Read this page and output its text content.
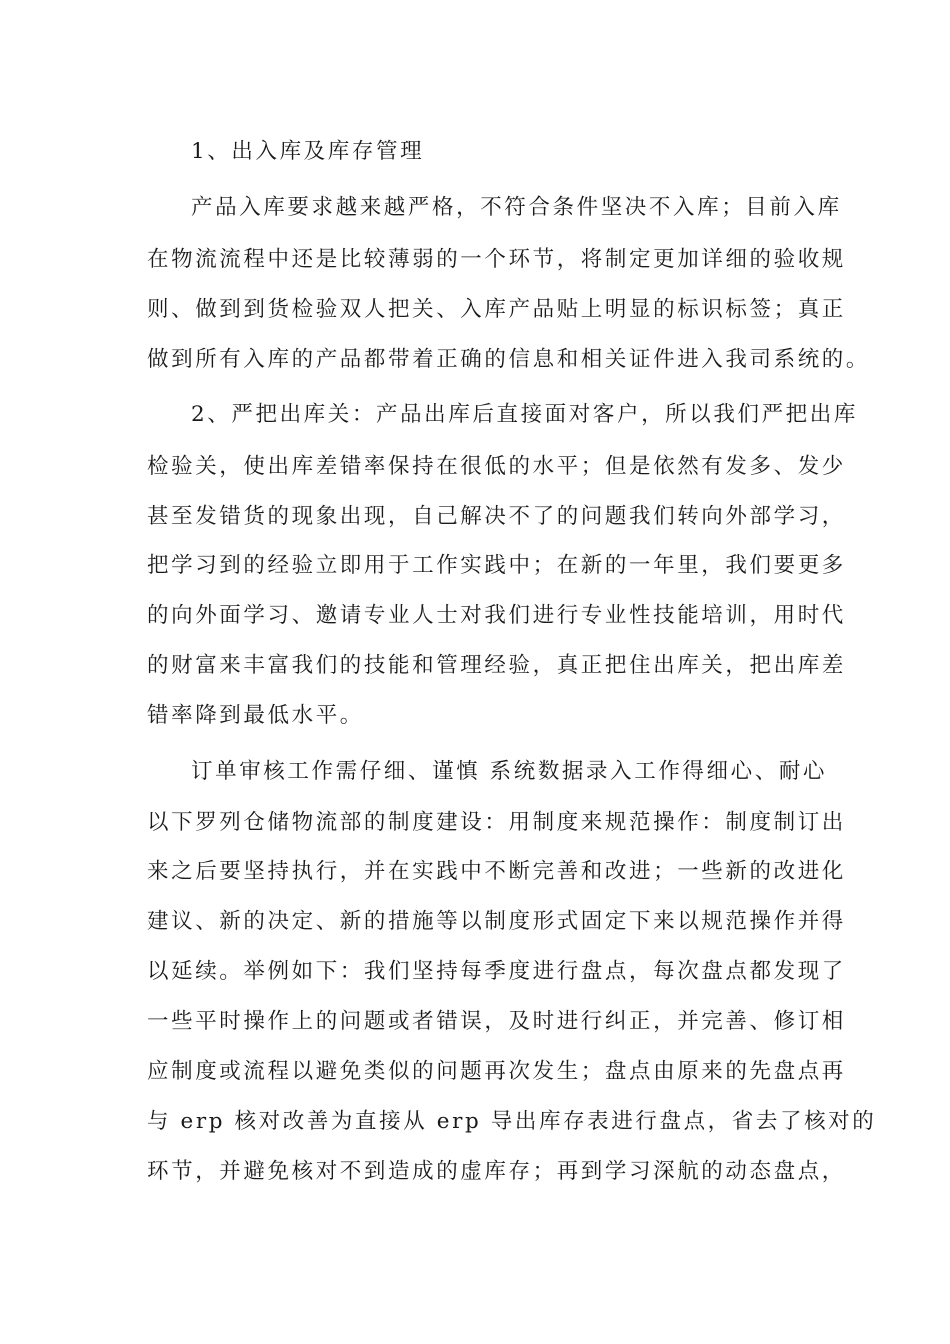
1、出入库及库存管理
产品入库要求越来越严格，不符合条件坚决不入库；目前入库
在物流流程中还是比较薄弱的一个环节，将制定更加详细的验收规
则、做到到货检验双人把关、入库产品贴上明显的标识标签；真正
做到所有入库的产品都带着正确的信息和相关证件进入我司系统的。
2、严把出库关：产品出库后直接面对客户，所以我们严把出库
检验关，使出库差错率保持在很低的水平；但是依然有发多、发少
甚至发错货的现象出现，自己解决不了的问题我们转向外部学习，
把学习到的经验立即用于工作实践中；在新的一年里，我们要更多
的向外面学习、邀请专业人士对我们进行专业性技能培训，用时代
的财富来丰富我们的技能和管理经验，真正把住出库关，把出库差
错率降到最低水平。
订单审核工作需仔细、谨慎 系统数据录入工作得细心、耐心
以下罗列仓储物流部的制度建设：用制度来规范操作：制度制订出
来之后要坚持执行，并在实践中不断完善和改进；一些新的改进化
建议、新的决定、新的措施等以制度形式固定下来以规范操作并得
以延续。举例如下：我们坚持每季度进行盘点，每次盘点都发现了
一些平时操作上的问题或者错误，及时进行纠正，并完善、修订相
应制度或流程以避免类似的问题再次发生；盘点由原来的先盘点再
与 erp 核对改善为直接从 erp 导出库存表进行盘点，省去了核对的
环节，并避免核对不到造成的虚库存；再到学习深航的动态盘点，
